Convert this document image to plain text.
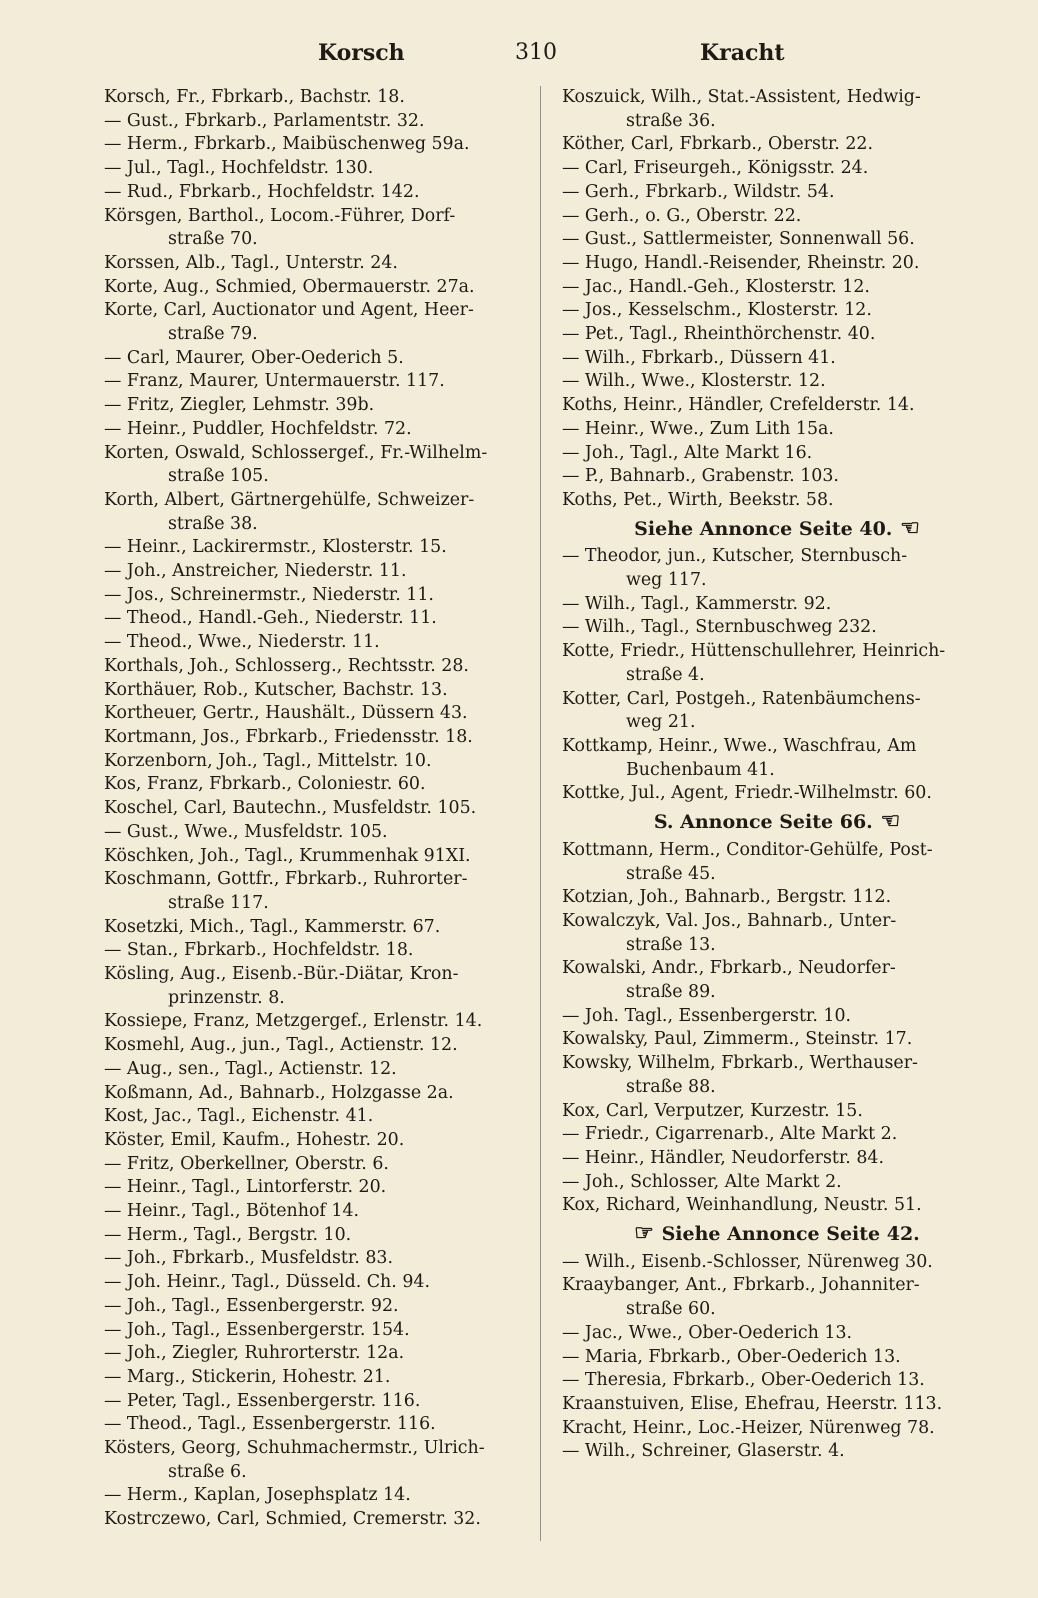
Korsch	310	Kracht
Korsch, Fr., Fbrkarb., Bachstr. 18.
— Gust., Fbrkarb., Parlamentstr. 32.
— Herm., Fbrkarb., Maibüschenweg 59a.
— Jul., Tagl., Hochfeldstr. 130.
— Rud., Fbrkarb., Hochfeldstr. 142.
Körsgen, Barthol., Locom.-Führer, Dorf-
straße 70.
Korssen, Alb., Tagl., Unterstr. 24.
Korte, Aug., Schmied, Obermauerstr. 27a.
Korte, Carl, Auctionator und Agent, Heer-
straße 79.
— Carl, Maurer, Ober-Oederich 5.
— Franz, Maurer, Untermauerstr. 117.
— Fritz, Ziegler, Lehmstr. 39b.
— Heinr., Puddler, Hochfeldstr. 72.
Korten, Oswald, Schlossergef., Fr.-Wilhelm-
straße 105.
Korth, Albert, Gärtnergehülfe, Schweizer-
straße 38.
— Heinr., Lackirermstr., Klosterstr. 15.
— Joh., Anstreicher, Niederstr. 11.
— Jos., Schreinermstr., Niederstr. 11.
— Theod., Handl.-Geh., Niederstr. 11.
— Theod., Wwe., Niederstr. 11.
Korthals, Joh., Schlosserg., Rechtsstr. 28.
Korthäuer, Rob., Kutscher, Bachstr. 13.
Kortheuer, Gertr., Haushält., Düssern 43.
Kortmann, Jos., Fbrkarb., Friedensstr. 18.
Korzenborn, Joh., Tagl., Mittelstr. 10.
Kos, Franz, Fbrkarb., Coloniestr. 60.
Koschel, Carl, Bautechn., Musfeldstr. 105.
— Gust., Wwe., Musfeldstr. 105.
Köschken, Joh., Tagl., Krummenhak 91XI.
Koschmann, Gottfr., Fbrkarb., Ruhrorter-
straße 117.
Kosetzki, Mich., Tagl., Kammerstr. 67.
— Stan., Fbrkarb., Hochfeldstr. 18.
Kösling, Aug., Eisenb.-Bür.-Diätar, Kron-
prinzenstr. 8.
Kossiepe, Franz, Metzgergef., Erlenstr. 14.
Kosmehl, Aug., jun., Tagl., Actienstr. 12.
— Aug., sen., Tagl., Actienstr. 12.
Koßmann, Ad., Bahnarb., Holzgasse 2a.
Kost, Jac., Tagl., Eichenstr. 41.
Köster, Emil, Kaufm., Hohestr. 20.
— Fritz, Oberkellner, Oberstr. 6.
— Heinr., Tagl., Lintorferstr. 20.
— Heinr., Tagl., Bötenhof 14.
— Herm., Tagl., Bergstr. 10.
— Joh., Fbrkarb., Musfeldstr. 83.
— Joh. Heinr., Tagl., Düsseld. Ch. 94.
— Joh., Tagl., Essenbergerstr. 92.
— Joh., Tagl., Essenbergerstr. 154.
— Joh., Ziegler, Ruhrorterstr. 12a.
— Marg., Stickerin, Hohestr. 21.
— Peter, Tagl., Essenbergerstr. 116.
— Theod., Tagl., Essenbergerstr. 116.
Kösters, Georg, Schuhmachermstr., Ulrich-
straße 6.
— Herm., Kaplan, Josephsplatz 14.
Kostrczewo, Carl, Schmied, Cremerstr. 32.
Koszuick, Wilh., Stat.-Assistent, Hedwig-
straße 36.
Köther, Carl, Fbrkarb., Oberstr. 22.
— Carl, Friseurgeh., Königsstr. 24.
— Gerh., Fbrkarb., Wildstr. 54.
— Gerh., o. G., Oberstr. 22.
— Gust., Sattlermeister, Sonnenwall 56.
— Hugo, Handl.-Reisender, Rheinstr. 20.
— Jac., Handl.-Geh., Klosterstr. 12.
— Jos., Kesselschm., Klosterstr. 12.
— Pet., Tagl., Rheinthörchenstr. 40.
— Wilh., Fbrkarb., Düssern 41.
— Wilh., Wwe., Klosterstr. 12.
Koths, Heinr., Händler, Crefelderstr. 14.
— Heinr., Wwe., Zum Lith 15a.
— Joh., Tagl., Alte Markt 16.
— P., Bahnarb., Grabenstr. 103.
Koths, Pet., Wirth, Beekstr. 58.
Siehe Annonce Seite 40. ☜
— Theodor, jun., Kutscher, Sternbusch-
weg 117.
— Wilh., Tagl., Kammerstr. 92.
— Wilh., Tagl., Sternbuschweg 232.
Kotte, Friedr., Hüttenschullehrer, Heinrich-
straße 4.
Kotter, Carl, Postgeh., Ratenbäumchens-
weg 21.
Kottkamp, Heinr., Wwe., Waschfrau, Am
Buchenbaum 41.
Kottke, Jul., Agent, Friedr.-Wilhelmstr. 60.
S. Annonce Seite 66. ☜
Kottmann, Herm., Conditor-Gehülfe, Post-
straße 45.
Kotzian, Joh., Bahnarb., Bergstr. 112.
Kowalczyk, Val. Jos., Bahnarb., Unter-
straße 13.
Kowalski, Andr., Fbrkarb., Neudorfer-
straße 89.
— Joh. Tagl., Essenbergerstr. 10.
Kowalsky, Paul, Zimmerm., Steinstr. 17.
Kowsky, Wilhelm, Fbrkarb., Werthauser-
straße 88.
Kox, Carl, Verputzer, Kurzestr. 15.
— Friedr., Cigarrenarb., Alte Markt 2.
— Heinr., Händler, Neudorferstr. 84.
— Joh., Schlosser, Alte Markt 2.
Kox, Richard, Weinhandlung, Neustr. 51.
☞ Siehe Annonce Seite 42.
— Wilh., Eisenb.-Schlosser, Nürenweg 30.
Kraaybanger, Ant., Fbrkarb., Johanniter-
straße 60.
— Jac., Wwe., Ober-Oederich 13.
— Maria, Fbrkarb., Ober-Oederich 13.
— Theresia, Fbrkarb., Ober-Oederich 13.
Kraanstuiven, Elise, Ehefrau, Heerstr. 113.
Kracht, Heinr., Loc.-Heizer, Nürenweg 78.
— Wilh., Schreiner, Glaserstr. 4.
